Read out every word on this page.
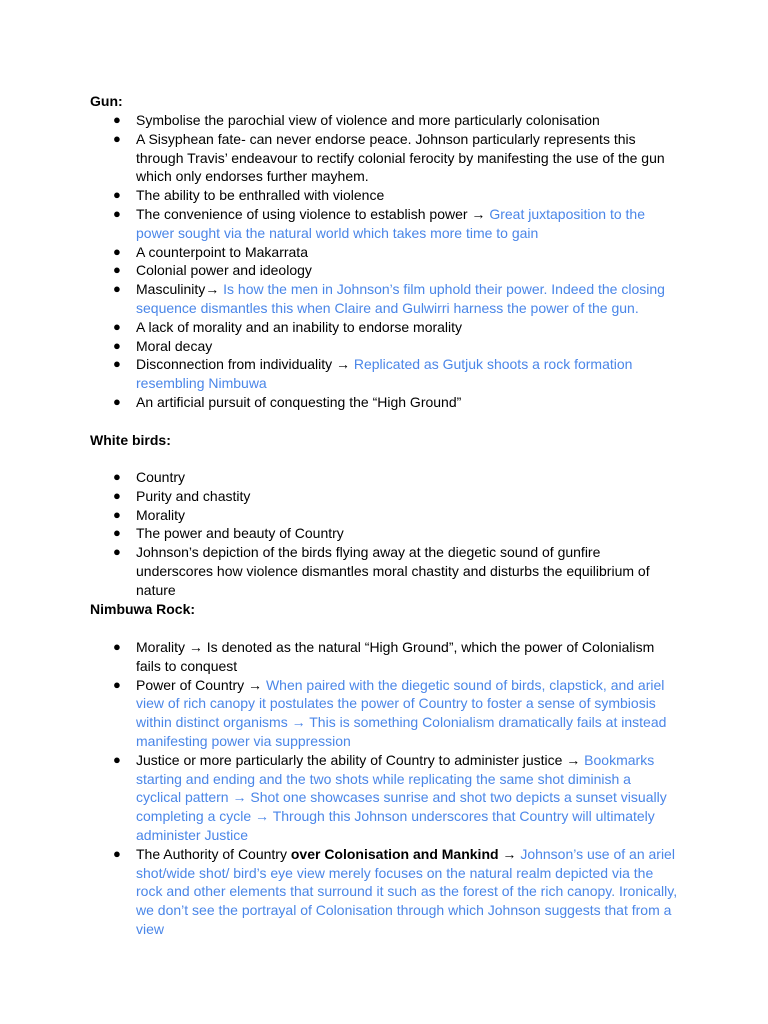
Gun:

● Symbolise the parochial view of violence and more particularly colonisation
● A Sisyphean fate- can never endorse peace. Johnson particularly represents this through Travis’ endeavour to rectify colonial ferocity by manifesting the use of the gun which only endorses further mayhem.
● The ability to be enthralled with violence
● The convenience of using violence to establish power → Great juxtaposition to the power sought via the natural world which takes more time to gain
● A counterpoint to Makarrata
● Colonial power and ideology
● Masculinity→ Is how the men in Johnson’s film uphold their power. Indeed the closing sequence dismantles this when Claire and Gulwirri harness the power of the gun.
● A lack of morality and an inability to endorse morality
● Moral decay
● Disconnection from individuality → Replicated as Gutjuk shoots a rock formation resembling Nimbuwa
● An artificial pursuit of conquesting the “High Ground”

White birds:

● Country
● Purity and chastity
● Morality
● The power and beauty of Country
● Johnson’s depiction of the birds flying away at the diegetic sound of gunfire underscores how violence dismantles moral chastity and disturbs the equilibrium of nature

Nimbuwa Rock:

● Morality → Is denoted as the natural “High Ground”, which the power of Colonialism fails to conquest
● Power of Country → When paired with the diegetic sound of birds, clapstick, and ariel view of rich canopy it postulates the power of Country to foster a sense of symbiosis within distinct organisms → This is something Colonialism dramatically fails at instead manifesting power via suppression
● Justice or more particularly the ability of Country to administer justice → Bookmarks starting and ending and the two shots while replicating the same shot diminish a cyclical pattern → Shot one showcases sunrise and shot two depicts a sunset visually completing a cycle → Through this Johnson underscores that Country will ultimately administer Justice
● The Authority of Country over Colonisation and Mankind → Johnson’s use of an ariel shot/wide shot/ bird’s eye view merely focuses on the natural realm depicted via the rock and other elements that surround it such as the forest of the rich canopy. Ironically, we don’t see the portrayal of Colonisation through which Johnson suggests that from a view
